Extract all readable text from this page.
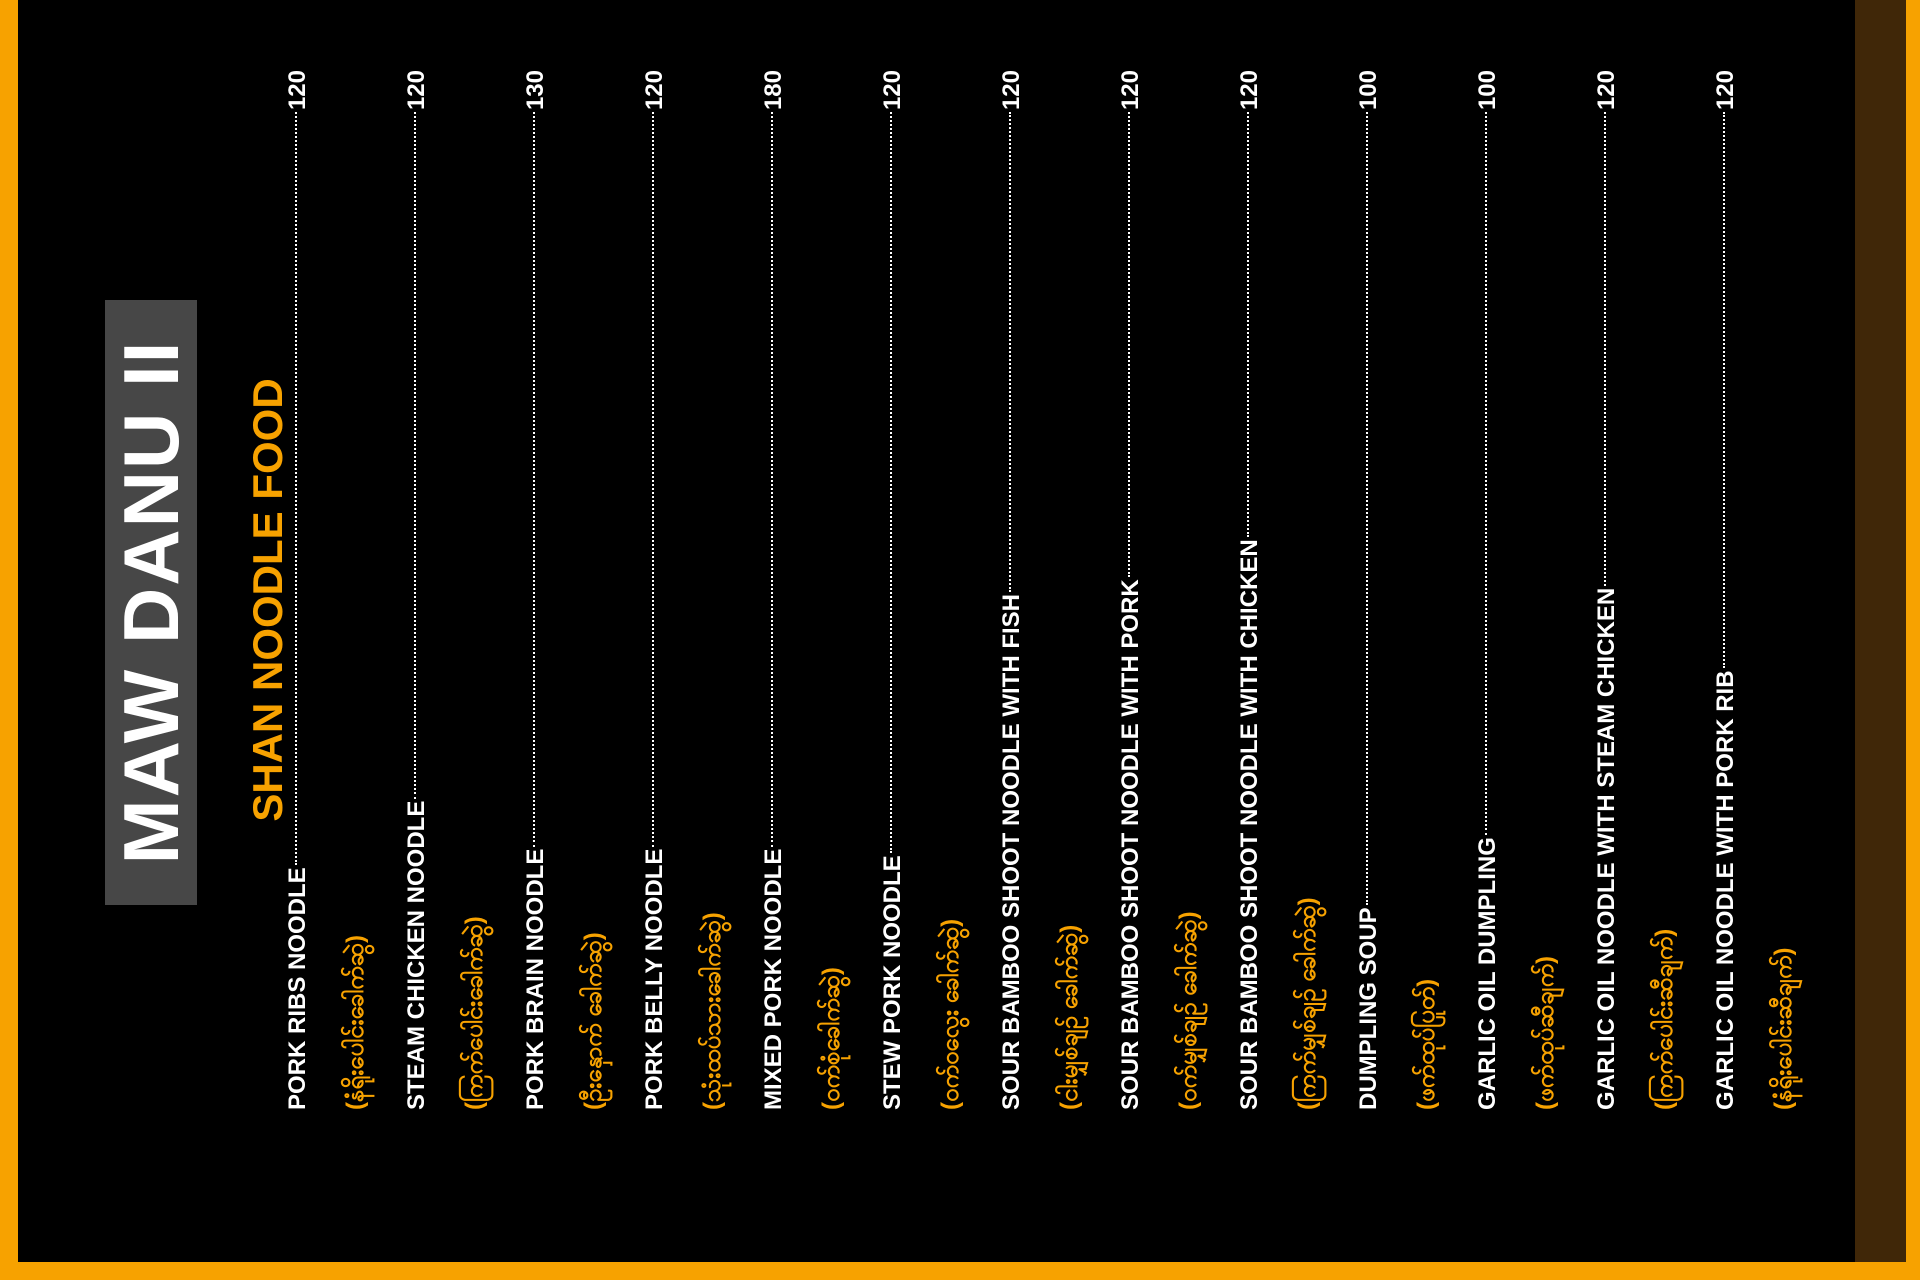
MAW DANU II SHAN NOODLE FOOD
PORK RIBS NOODLE
120
(နံရိုးပေါင်းခေါက်ဆွဲ) STEAM CHICKEN NOODLE
120
(ကြက်ပေါင်းခေါက်ဆွဲ) PORK BRAIN NOODLE
130
(ဦးနှောက် ခေါက်ဆွဲ) PORK BELLY NOODLE
120
(သုံးထပ်သားခေါက်ဆွဲ) MIXED PORK NOODLE
180
(ဝက်စုံခေါက်ဆွဲ) STEW PORK NOODLE
120
(ဝက်ဝလွေး ခေါက်ဆွဲ) SOUR BAMBOO SHOOT NOODLE WITH FISH
120
(ငါးမျှစ်ချဉ် ခေါက်ဆွဲ) SOUR BAMBOO SHOOT NOODLE WITH PORK
120
(ဝက်မျှစ်ချဉ် ခေါက်ဆွဲ) SOUR BAMBOO SHOOT NOODLE WITH CHICKEN
120
(ကြက်မျှစ်ချဉ် ခေါက်ဆွဲ) DUMPLING SOUP
100
(ဖက်ထုပ်ပြုတ်) GARLIC OIL DUMPLING
100
(ဖက်ထုပ်ဆီချက်) GARLIC OIL NOODLE WITH STEAM CHICKEN
120
(ကြက်ပေါင်းဆီချက်) GARLIC OIL NOODLE WITH PORK RIB
120
(နံရိုးပေါင်းဆီချက်)
